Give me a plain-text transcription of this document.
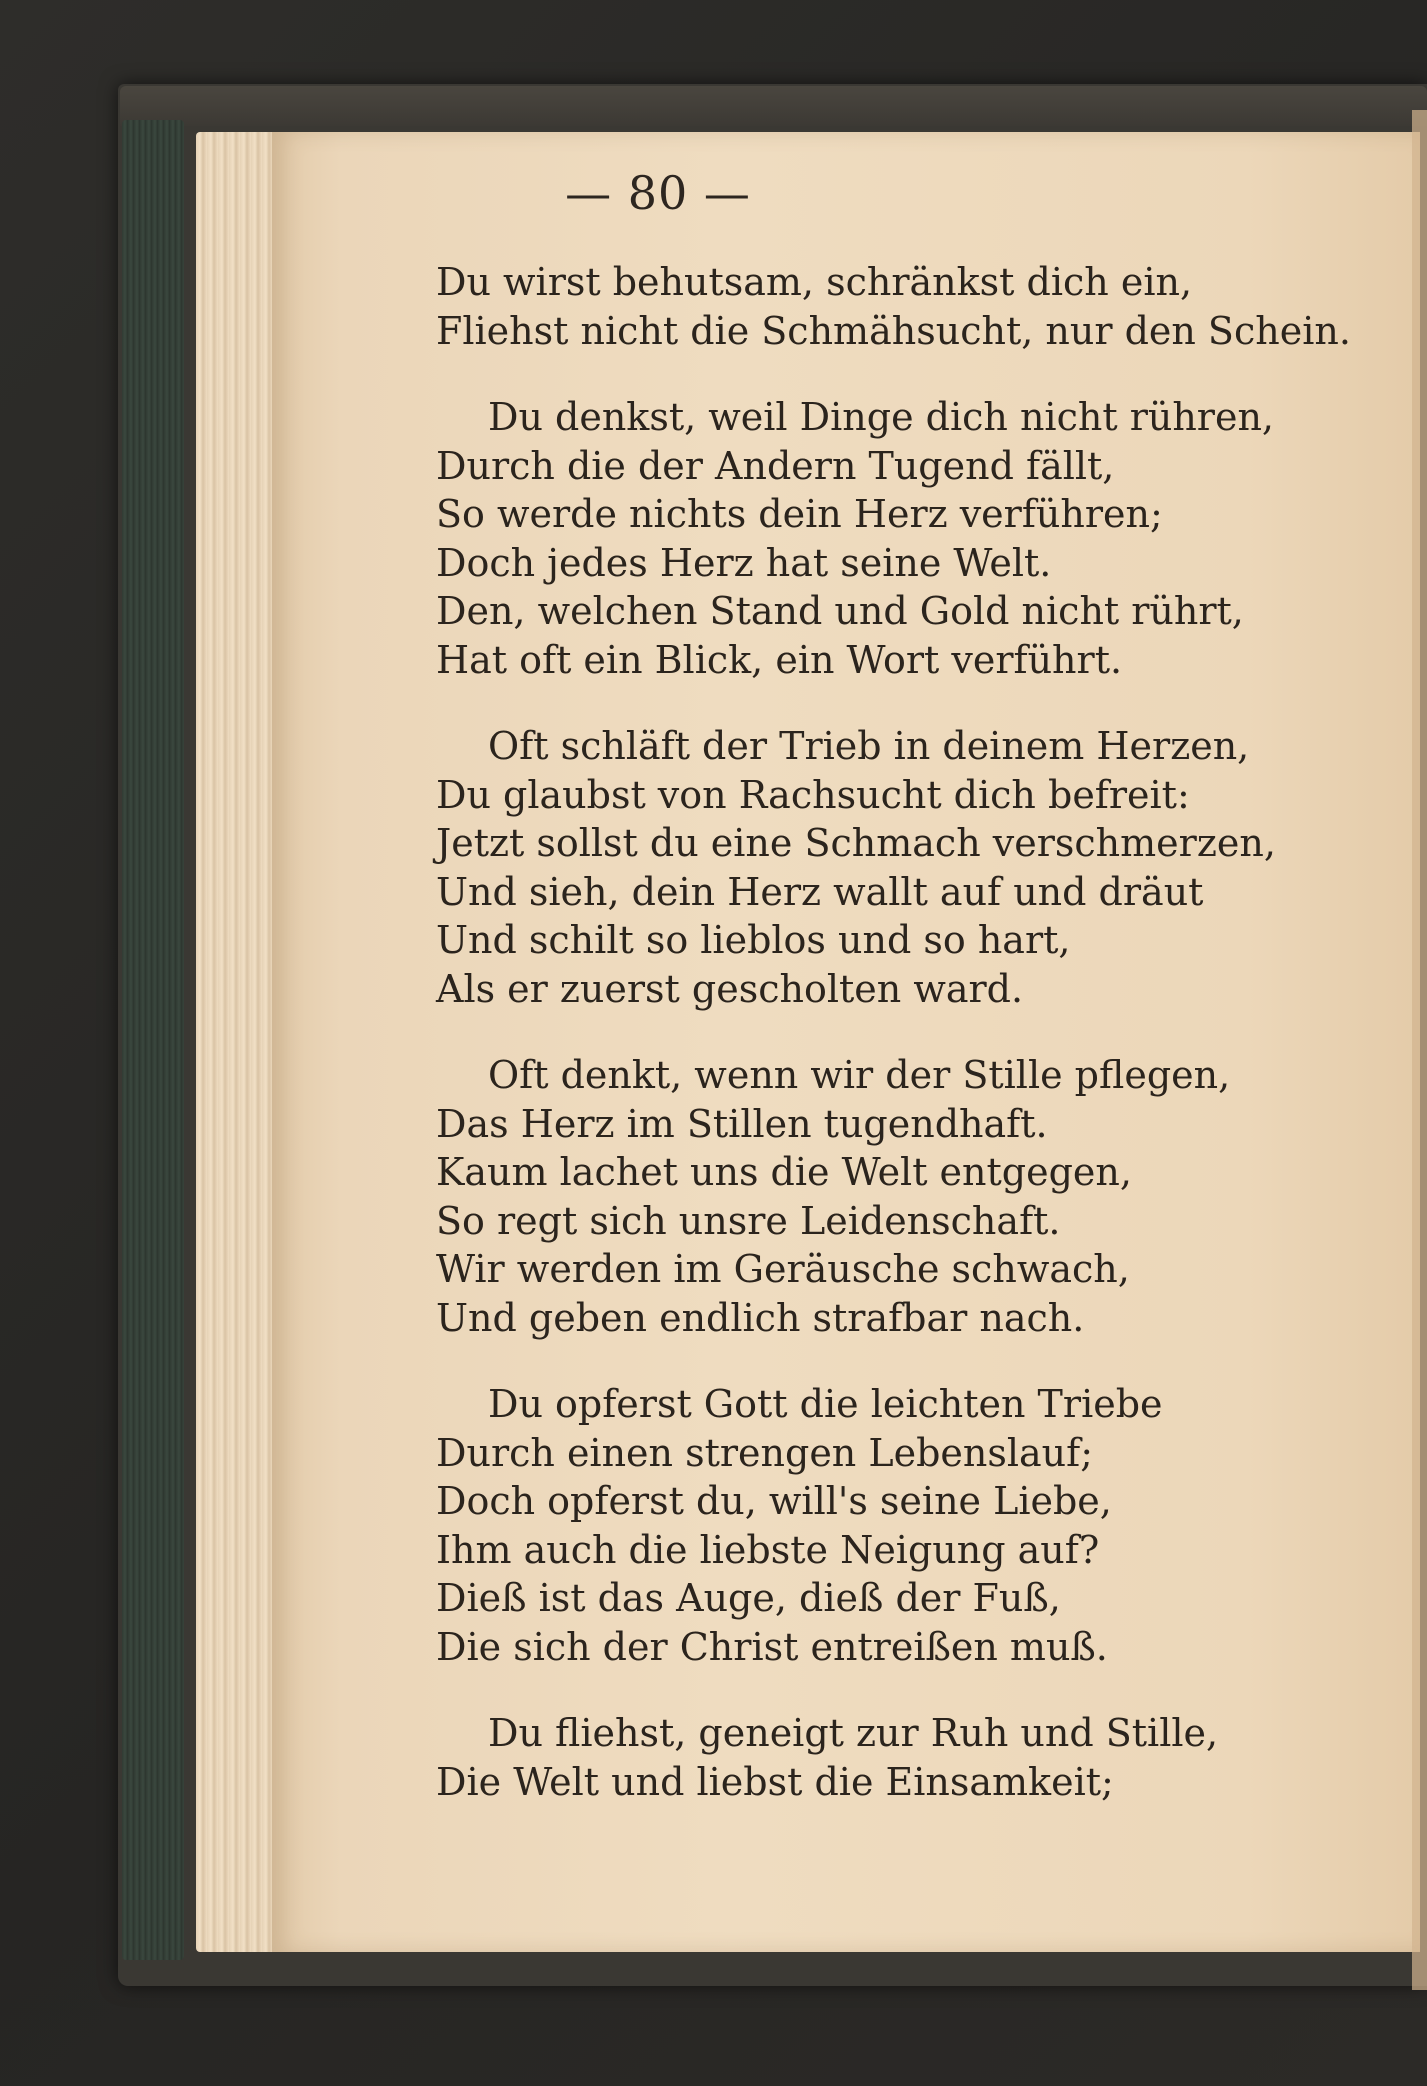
— 80 —
Du wirst behutsam, schränkst dich ein,
Fliehst nicht die Schmähsucht, nur den Schein.
Du denkst, weil Dinge dich nicht rühren,
Durch die der Andern Tugend fällt,
So werde nichts dein Herz verführen;
Doch jedes Herz hat seine Welt.
Den, welchen Stand und Gold nicht rührt,
Hat oft ein Blick, ein Wort verführt.
Oft schläft der Trieb in deinem Herzen,
Du glaubst von Rachsucht dich befreit:
Jetzt sollst du eine Schmach verschmerzen,
Und sieh, dein Herz wallt auf und dräut
Und schilt so lieblos und so hart,
Als er zuerst gescholten ward.
Oft denkt, wenn wir der Stille pflegen,
Das Herz im Stillen tugendhaft.
Kaum lachet uns die Welt entgegen,
So regt sich unsre Leidenschaft.
Wir werden im Geräusche schwach,
Und geben endlich strafbar nach.
Du opferst Gott die leichten Triebe
Durch einen strengen Lebenslauf;
Doch opferst du, will's seine Liebe,
Ihm auch die liebste Neigung auf?
Dieß ist das Auge, dieß der Fuß,
Die sich der Christ entreißen muß.
Du fliehst, geneigt zur Ruh und Stille,
Die Welt und liebst die Einsamkeit;
